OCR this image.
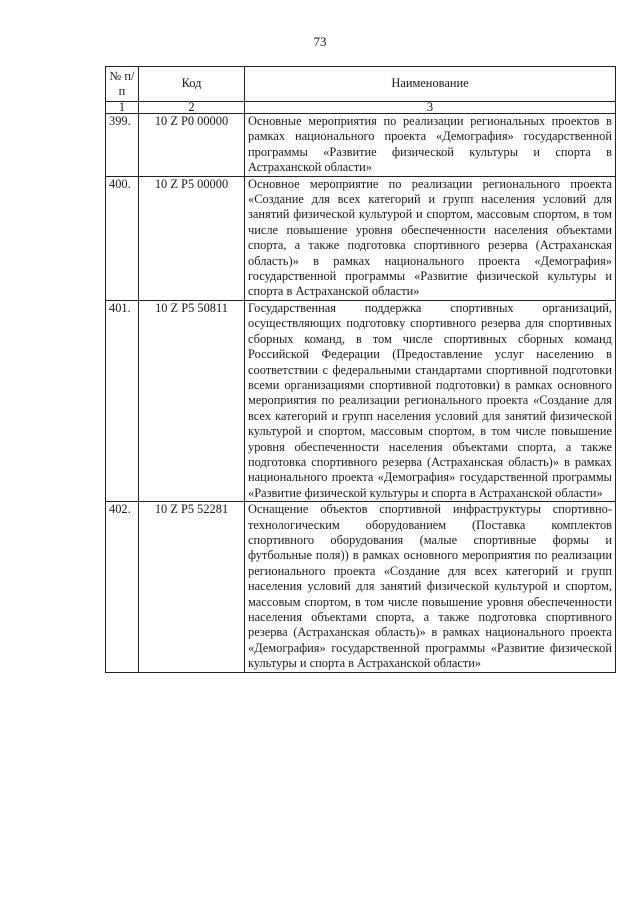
73
№ п/п	Код	Наименование
1	2	3
399.	10 Z P0 00000	Основные мероприятия по реализации региональных проектов в рамках национального проекта «Демография» государственной программы «Развитие физической культуры и спорта в Астраханской области»
400.	10 Z P5 00000	Основное мероприятие по реализации регионального проекта «Создание для всех категорий и групп населения условий для занятий физической культурой и спортом, массовым спортом, в том числе повышение уровня обеспеченности населения объектами спорта, а также подготовка спортивного резерва (Астраханская область)» в рамках национального проекта «Демография» государственной программы «Развитие физической культуры и спорта в Астраханской области»
401.	10 Z P5 50811	Государственная поддержка спортивных организаций, осуществляющих подготовку спортивного резерва для спортивных сборных команд, в том числе спортивных сборных команд Российской Федерации (Предоставление услуг населению в соответствии с федеральными стандартами спортивной подготовки всеми организациями спортивной подготовки) в рамках основного мероприятия по реализации регионального проекта «Создание для всех категорий и групп населения условий для занятий физической культурой и спортом, массовым спортом, в том числе повышение уровня обеспеченности населения объектами спорта, а также подготовка спортивного резерва (Астраханская область)» в рамках национального проекта «Демография» государственной программы «Развитие физической культуры и спорта в Астраханской области»
402.	10 Z P5 52281	Оснащение объектов спортивной инфраструктуры спортивно-технологическим оборудованием (Поставка комплектов спортивного оборудования (малые спортивные формы и футбольные поля)) в рамках основного мероприятия по реализации регионального проекта «Создание для всех категорий и групп населения условий для занятий физической культурой и спортом, массовым спортом, в том числе повышение уровня обеспеченности населения объектами спорта, а также подготовка спортивного резерва (Астраханская область)» в рамках национального проекта «Демография» государственной программы «Развитие физической культуры и спорта в Астраханской области»
